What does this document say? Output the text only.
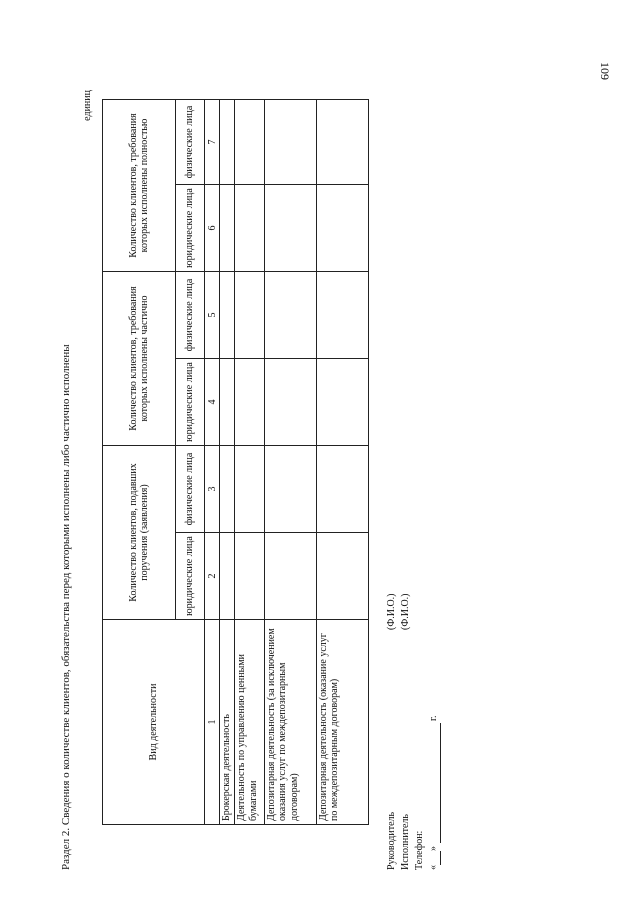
109
Раздел 2. Сведения о количестве клиентов, обязательства перед которыми исполнены либо частично исполнены
единиц
Вид деятельности	Количество клиентов, подавших поручения (заявления)		Количество клиентов, требования которых исполнены частично		Количество клиентов, требования которых исполнены полностью	
	юридические лица	физические лица	юридические лица	физические лица	юридические лица	физические лица
1	2	3	4	5	6	7
Брокерская деятельность						
Деятельность по управлению ценными бумагами						
Депозитарная деятельность (за исключением оказания услуг по междепозитарным договорам)						
Депозитарная деятельность (оказание услуг по междепозитарным договорам)						
Руководитель
(Ф.И.О.)
Исполнитель
(Ф.И.О.)
Телефон: «»  г.
